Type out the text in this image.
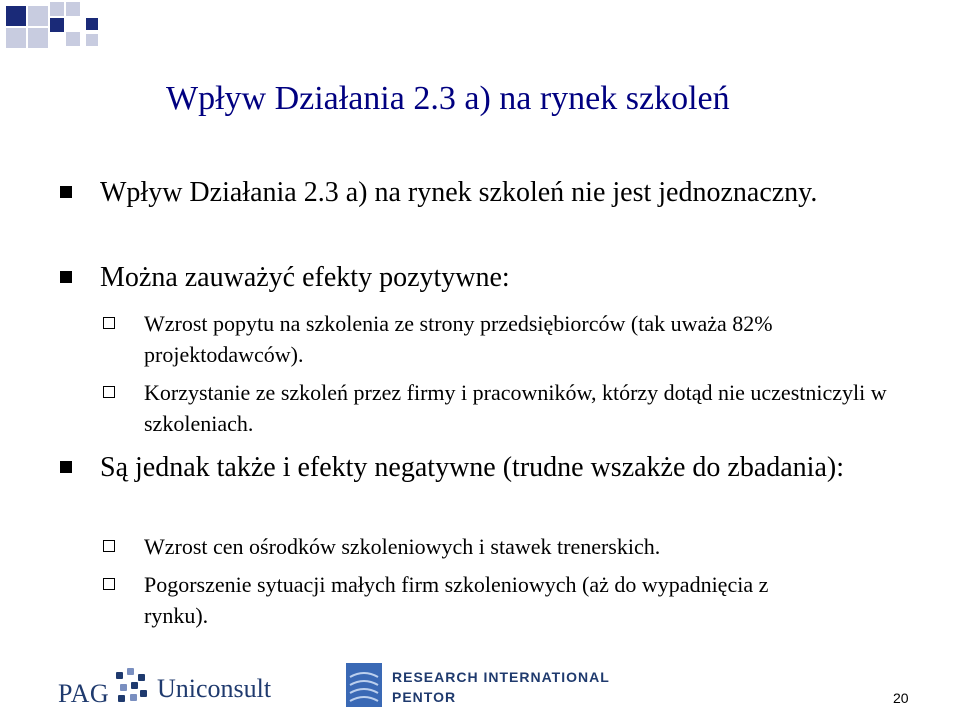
Wpływ Działania 2.3 a) na rynek szkoleń
Wpływ Działania 2.3 a) na rynek szkoleń nie jest jednoznaczny.
Można zauważyć efekty pozytywne:
Wzrost popytu na szkolenia ze strony przedsiębiorców (tak uważa 82% projektodawców).
Korzystanie ze szkoleń przez firmy i pracowników, którzy dotąd nie uczestniczyli w szkoleniach.
Są jednak także i efekty negatywne (trudne wszakże do zbadania):
Wzrost cen ośrodków szkoleniowych i stawek trenerskich.
Pogorszenie sytuacji małych firm szkoleniowych (aż do wypadnięcia z rynku).
PAG Uniconsult	RESEARCH INTERNATIONAL
PENTOR	20
